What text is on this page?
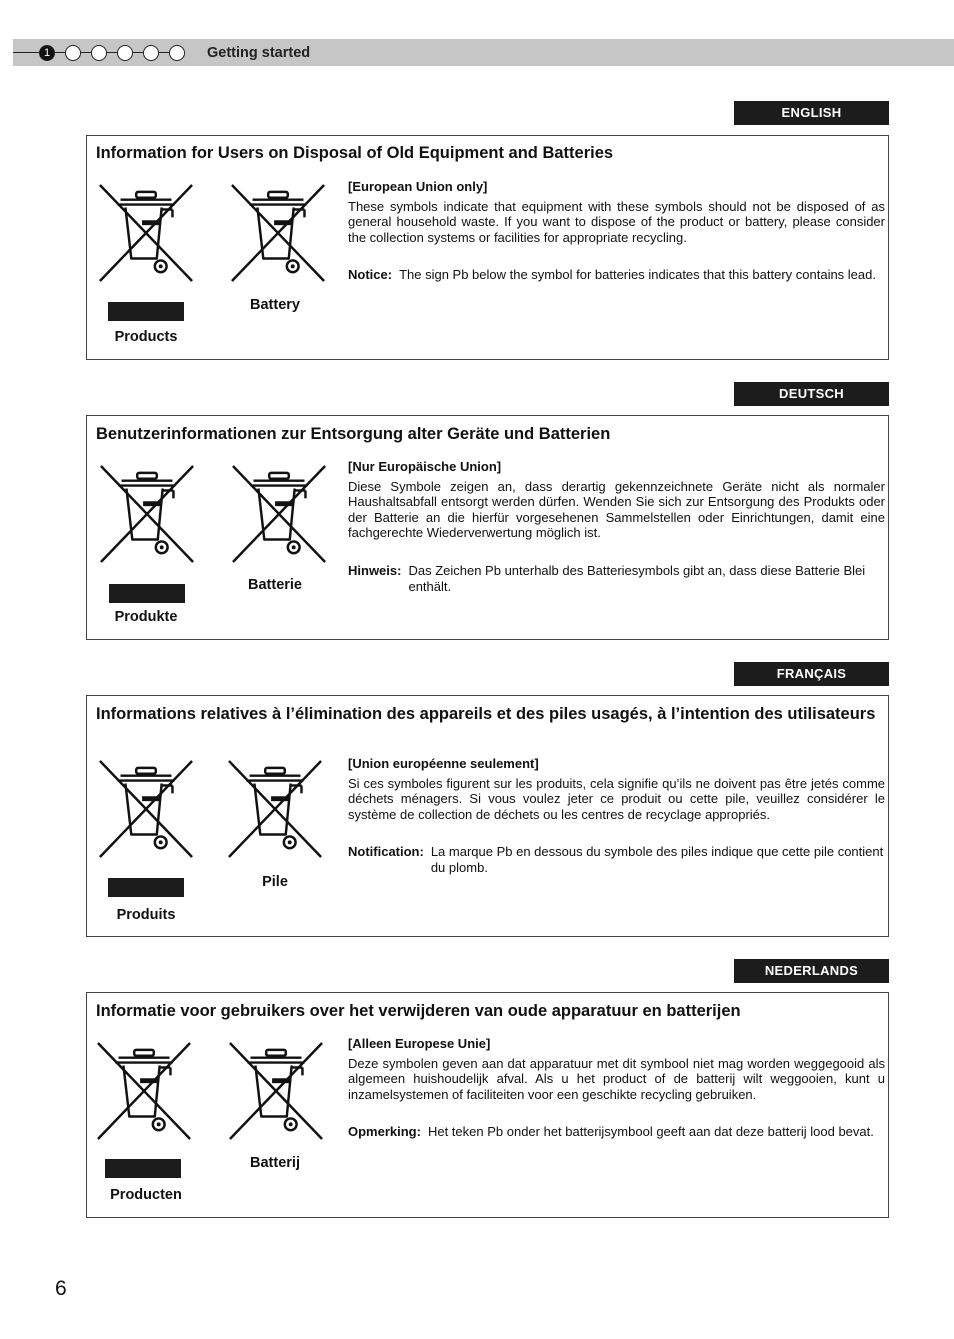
1	Getting started
ENGLISH
Information for Users on Disposal of Old Equipment and Batteries
Products
Battery
[European Union only]
These symbols indicate that equipment with these symbols should not be disposed of as general household waste. If you want to dispose of the product or battery, please consider the collection systems or facilities for appropriate recycling.
Notice: The sign Pb below the symbol for batteries indicates that this battery contains lead.
DEUTSCH
Benutzerinformationen zur Entsorgung alter Geräte und Batterien
Produkte
Batterie
[Nur Europäische Union]
Diese Symbole zeigen an, dass derartig gekennzeichnete Geräte nicht als normaler Haushaltsabfall entsorgt werden dürfen. Wenden Sie sich zur Entsorgung des Produkts oder der Batterie an die hierfür vorgesehenen Sammelstellen oder Einrichtungen, damit eine fachgerechte Wiederverwertung möglich ist.
Hinweis: Das Zeichen Pb unterhalb des Batteriesymbols gibt an, dass diese Batterie Blei enthält.
FRANÇAIS
Informations relatives à l’élimination des appareils et des piles usagés, à l’intention des utilisateurs
Produits
Pile
[Union européenne seulement]
Si ces symboles figurent sur les produits, cela signifie qu’ils ne doivent pas être jetés comme déchets ménagers. Si vous voulez jeter ce produit ou cette pile, veuillez considérer le système de collection de déchets ou les centres de recyclage appropriés.
Notification: La marque Pb en dessous du symbole des piles indique que cette pile contient du plomb.
NEDERLANDS
Informatie voor gebruikers over het verwijderen van oude apparatuur en batterijen
Producten
Batterij
[Alleen Europese Unie]
Deze symbolen geven aan dat apparatuur met dit symbool niet mag worden weggegooid als algemeen huishoudelijk afval. Als u het product of de batterij wilt weggooien, kunt u inzamelsystemen of faciliteiten voor een geschikte recycling gebruiken.
Opmerking: Het teken Pb onder het batterijsymbool geeft aan dat deze batterij lood bevat.
6
